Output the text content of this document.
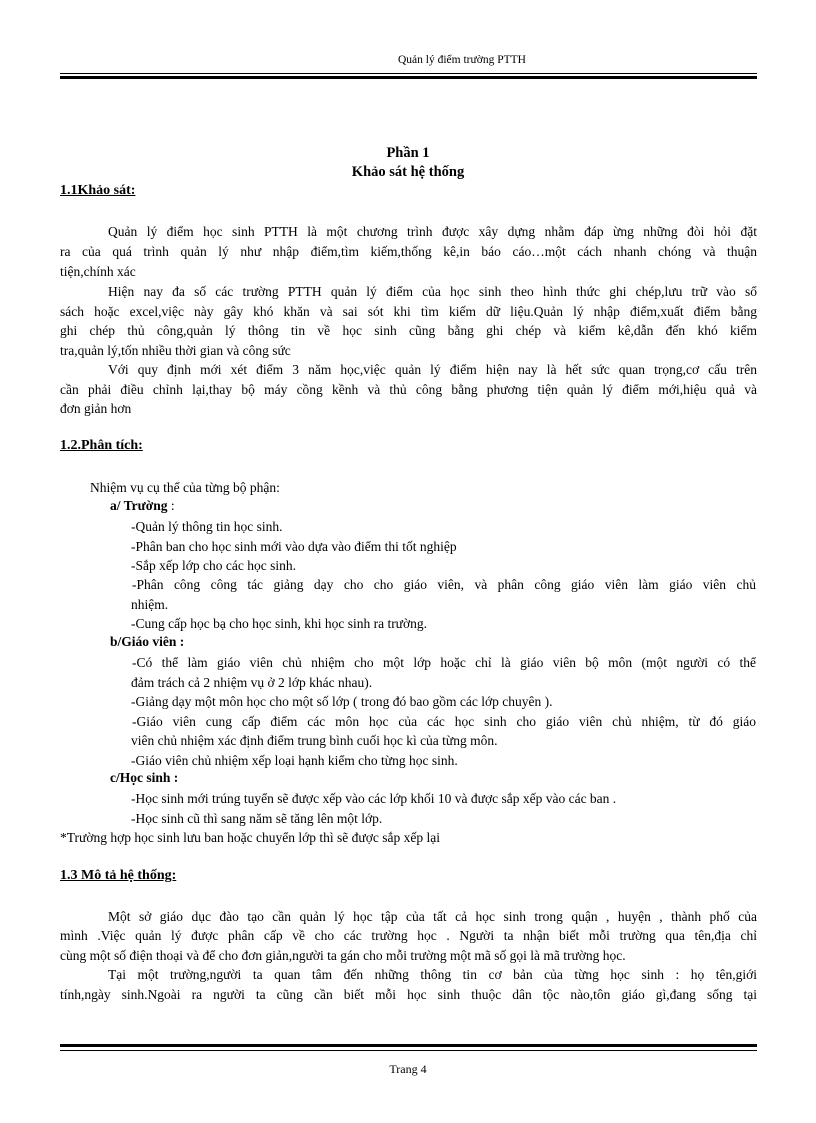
Quản lý điểm trường PTTH
Phần 1
Khảo sát hệ thống
1.1Khảo sát:
Quản lý điểm học sinh PTTH là một chương trình được xây dựng nhằm đáp ừng những đòi hỏi đặt
ra của quá trình quản lý như nhập điểm,tìm kiếm,thống kê,in báo cáo…một cách nhanh chóng và thuận
tiện,chính xác
Hiện nay đa số các trường PTTH quản lý điểm của học sinh theo hình thức ghi chép,lưu trữ vào sổ
sách hoặc excel,việc này gây khó khăn và sai sót khi tìm kiếm dữ liệu.Quản lý nhập điểm,xuất điểm bằng
ghi chép thủ công,quản lý thông tin về học sinh cũng bằng ghi chép và kiểm kê,dẫn đến khó kiểm
tra,quản lý,tốn nhiều thời gian và công sức
Với quy định mới xét điểm 3 năm học,việc quản lý điểm hiện nay là hết sức quan trọng,cơ cấu trên
cần phải điều chỉnh lại,thay bộ máy cồng kềnh và thủ công bằng phương tiện quản lý điểm mới,hiệu quả và
đơn giản hơn
1.2.Phân tích:
Nhiệm vụ cụ thể của từng bộ phận:
a/ Trường :
-Quản lý thông tin học sinh.
-Phân ban cho học sinh mới vào dựa vào điểm thi tốt nghiệp
-Sắp xếp lớp cho các học sinh.
-Phân công công tác giảng dạy cho cho giáo viên, và phân công giáo viên làm giáo viên chủ
nhiệm.
-Cung cấp học bạ cho học sinh, khi học sinh ra trường.
b/Giáo viên :
-Có thể làm giáo viên chủ nhiệm cho một lớp hoặc chỉ là giáo viên bộ môn (một người có thể
đảm trách cả 2 nhiệm vụ ở 2 lớp khác nhau).
-Giảng dạy một môn học cho một số lớp ( trong đó bao gồm các lớp chuyên ).
-Giáo viên cung cấp điểm các môn học của các học sinh cho giáo viên chủ nhiệm, từ đó giáo
viên chủ nhiệm xác định điểm trung bình cuối học kì của từng môn.
-Giáo viên chủ nhiệm xếp loại hạnh kiểm cho từng học sinh.
c/Học sinh :
-Học sinh mới trúng tuyển sẽ được xếp vào các lớp khối 10 và được sắp xếp vào các ban .
-Học sinh cũ thì sang năm sẽ tăng lên một lớp.
*Trường hợp học sinh lưu ban hoặc chuyển lớp thì sẽ được sắp xếp lại
1.3 Mô tả hệ thống:
Một sở giáo dục đào tạo cần quản lý học tập của tất cả học sinh trong quận , huyện , thành phố của
mình .Việc quản lý được phân cấp về cho các trường học . Người ta nhận biết mỗi trường qua tên,địa chỉ
cùng một số điện thoại và để cho đơn giản,người ta gán cho mỗi trường một mã số gọi là mã trường học.
Tại một trường,người ta quan tâm đến những thông tin cơ bản của từng học sinh : họ tên,giới
tính,ngày sinh.Ngoài ra người ta cũng cần biết mỗi học sinh thuộc dân tộc nào,tôn giáo gì,đang sống tại
Trang 4
